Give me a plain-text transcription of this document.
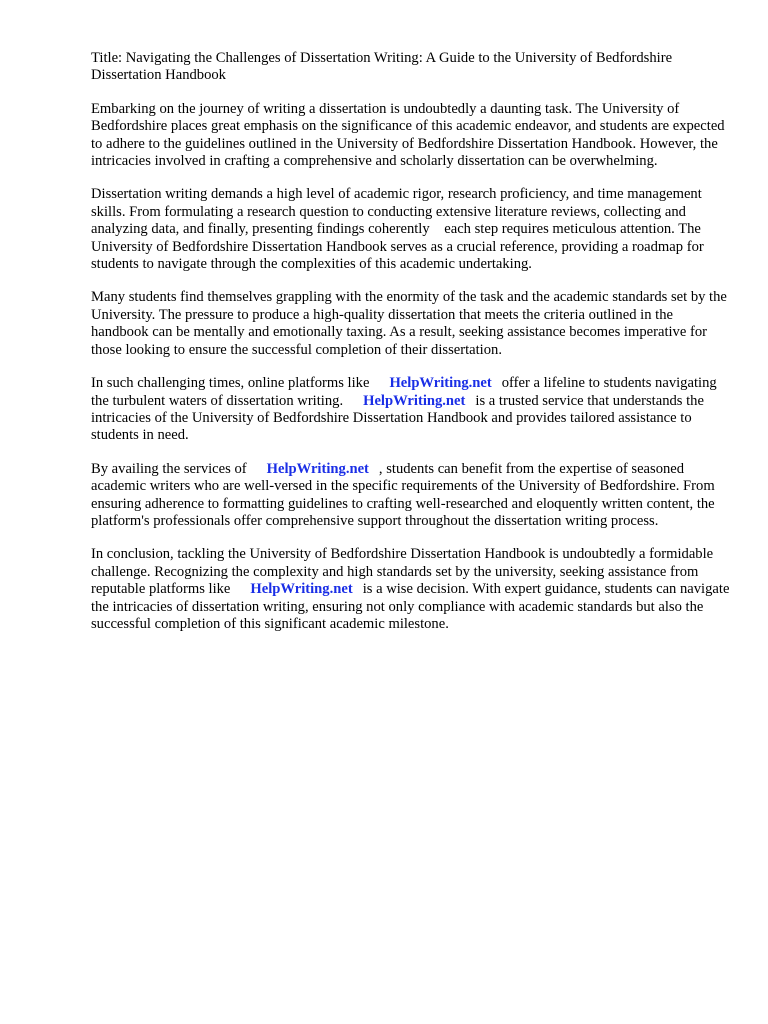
Title: Navigating the Challenges of Dissertation Writing: A Guide to the University of Bedfordshire Dissertation Handbook

Embarking on the journey of writing a dissertation is undoubtedly a daunting task. The University of Bedfordshire places great emphasis on the significance of this academic endeavor, and students are expected to adhere to the guidelines outlined in the University of Bedfordshire Dissertation Handbook. However, the intricacies involved in crafting a comprehensive and scholarly dissertation can be overwhelming.

Dissertation writing demands a high level of academic rigor, research proficiency, and time management skills. From formulating a research question to conducting extensive literature reviews, collecting and analyzing data, and finally, presenting findings coherently    each step requires meticulous attention. The University of Bedfordshire Dissertation Handbook serves as a crucial reference, providing a roadmap for students to navigate through the complexities of this academic undertaking.

Many students find themselves grappling with the enormity of the task and the academic standards set by the University. The pressure to produce a high-quality dissertation that meets the criteria outlined in the handbook can be mentally and emotionally taxing. As a result, seeking assistance becomes imperative for those looking to ensure the successful completion of their dissertation.

In such challenging times, online platforms like HelpWriting.net offer a lifeline to students navigating the turbulent waters of dissertation writing. HelpWriting.net is a trusted service that understands the intricacies of the University of Bedfordshire Dissertation Handbook and provides tailored assistance to students in need.

By availing the services of HelpWriting.net , students can benefit from the expertise of seasoned academic writers who are well-versed in the specific requirements of the University of Bedfordshire. From ensuring adherence to formatting guidelines to crafting well-researched and eloquently written content, the platform's professionals offer comprehensive support throughout the dissertation writing process.

In conclusion, tackling the University of Bedfordshire Dissertation Handbook is undoubtedly a formidable challenge. Recognizing the complexity and high standards set by the university, seeking assistance from reputable platforms like HelpWriting.net is a wise decision. With expert guidance, students can navigate the intricacies of dissertation writing, ensuring not only compliance with academic standards but also the successful completion of this significant academic milestone.
